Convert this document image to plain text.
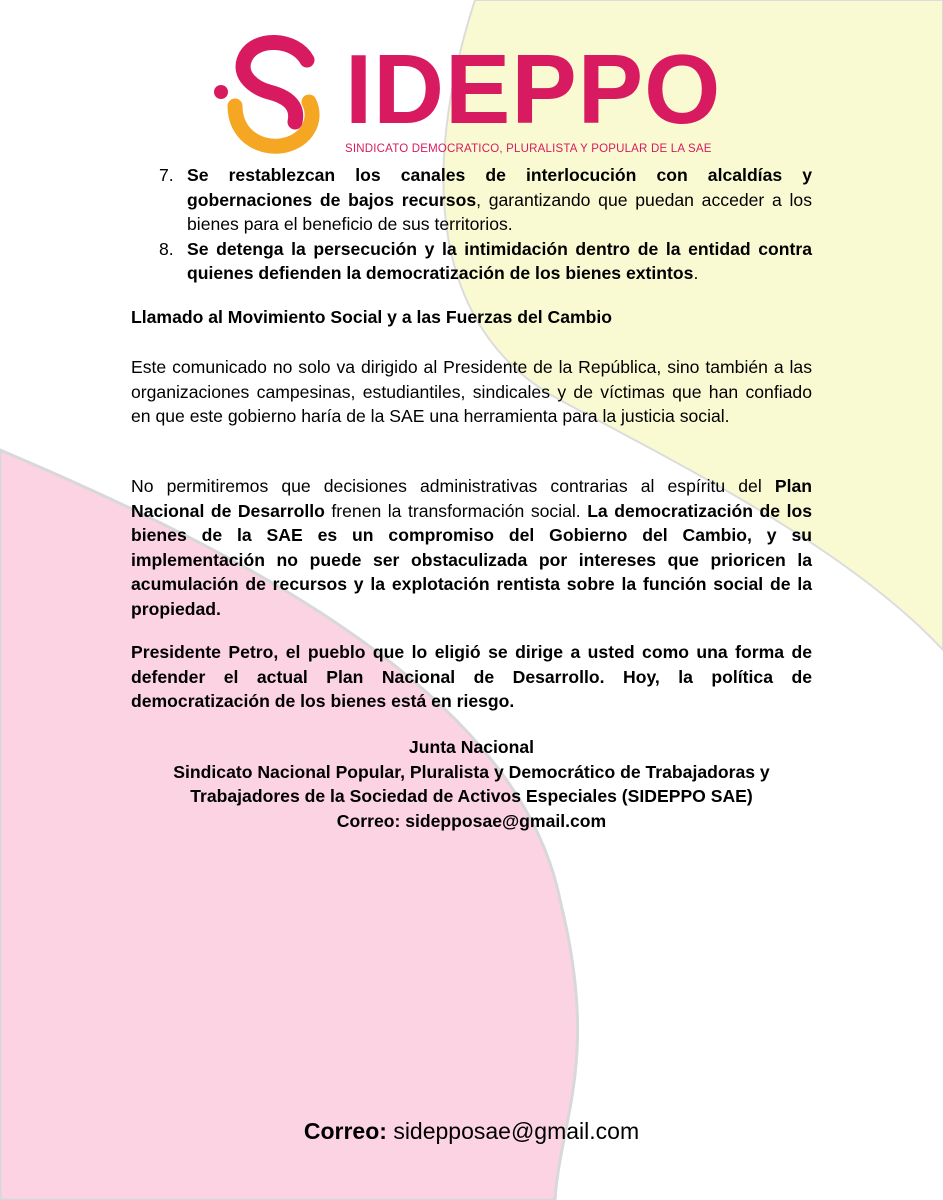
IDEPPO
SINDICATO DEMOCRATICO, PLURALISTA Y POPULAR DE LA SAE
7. Se restablezcan los canales de interlocución con alcaldías y gobernaciones de bajos recursos, garantizando que puedan acceder a los bienes para el beneficio de sus territorios.
8. Se detenga la persecución y la intimidación dentro de la entidad contra quienes defienden la democratización de los bienes extintos.
Llamado al Movimiento Social y a las Fuerzas del Cambio

Este comunicado no solo va dirigido al Presidente de la República, sino también a las organizaciones campesinas, estudiantiles, sindicales y de víctimas que han confiado en que este gobierno haría de la SAE una herramienta para la justicia social.

No permitiremos que decisiones administrativas contrarias al espíritu del Plan Nacional de Desarrollo frenen la transformación social. La democratización de los bienes de la SAE es un compromiso del Gobierno del Cambio, y su implementación no puede ser obstaculizada por intereses que prioricen la acumulación de recursos y la explotación rentista sobre la función social de la propiedad.

Presidente Petro, el pueblo que lo eligió se dirige a usted como una forma de defender el actual Plan Nacional de Desarrollo. Hoy, la política de democratización de los bienes está en riesgo.

Junta Nacional
Sindicato Nacional Popular, Pluralista y Democrático de Trabajadoras y
Trabajadores de la Sociedad de Activos Especiales (SIDEPPO SAE)
Correo: sidepposae@gmail.com
Correo: sidepposae@gmail.com
